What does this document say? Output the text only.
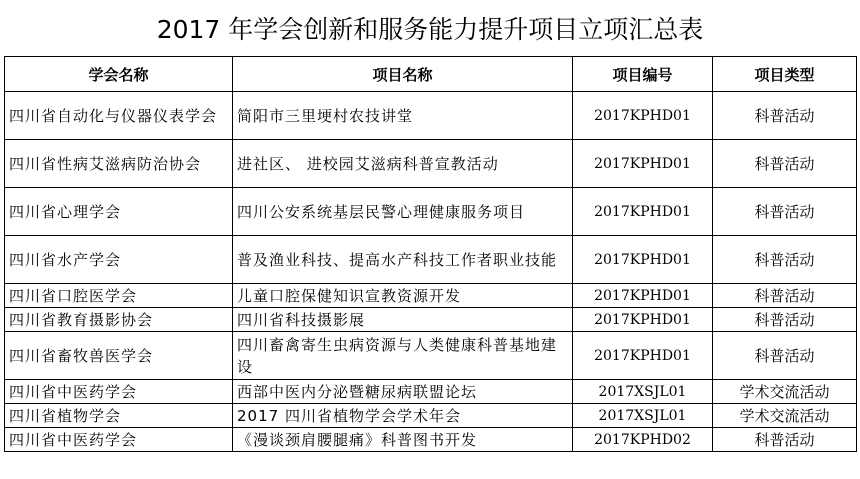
2017 年学会创新和服务能力提升项目立项汇总表
学会名称	项目名称	项目编号	项目类型
四川省自动化与仪器仪表学会	简阳市三里埂村农技讲堂	2017KPHD01	科普活动
四川省性病艾滋病防治协会	进社区、 进校园艾滋病科普宣教活动	2017KPHD01	科普活动
四川省心理学会	四川公安系统基层民警心理健康服务项目	2017KPHD01	科普活动
四川省水产学会	普及渔业科技、提高水产科技工作者职业技能	2017KPHD01	科普活动
四川省口腔医学会	儿童口腔保健知识宣教资源开发	2017KPHD01	科普活动
四川省教育摄影协会	四川省科技摄影展	2017KPHD01	科普活动
四川省畜牧兽医学会	四川畜禽寄生虫病资源与人类健康科普基地建设	2017KPHD01	科普活动
四川省中医药学会	西部中医内分泌暨糖尿病联盟论坛	2017XSJL01	学术交流活动
四川省植物学会	2017 四川省植物学会学术年会	2017XSJL01	学术交流活动
四川省中医药学会	《漫谈颈肩腰腿痛》科普图书开发	2017KPHD02	科普活动
